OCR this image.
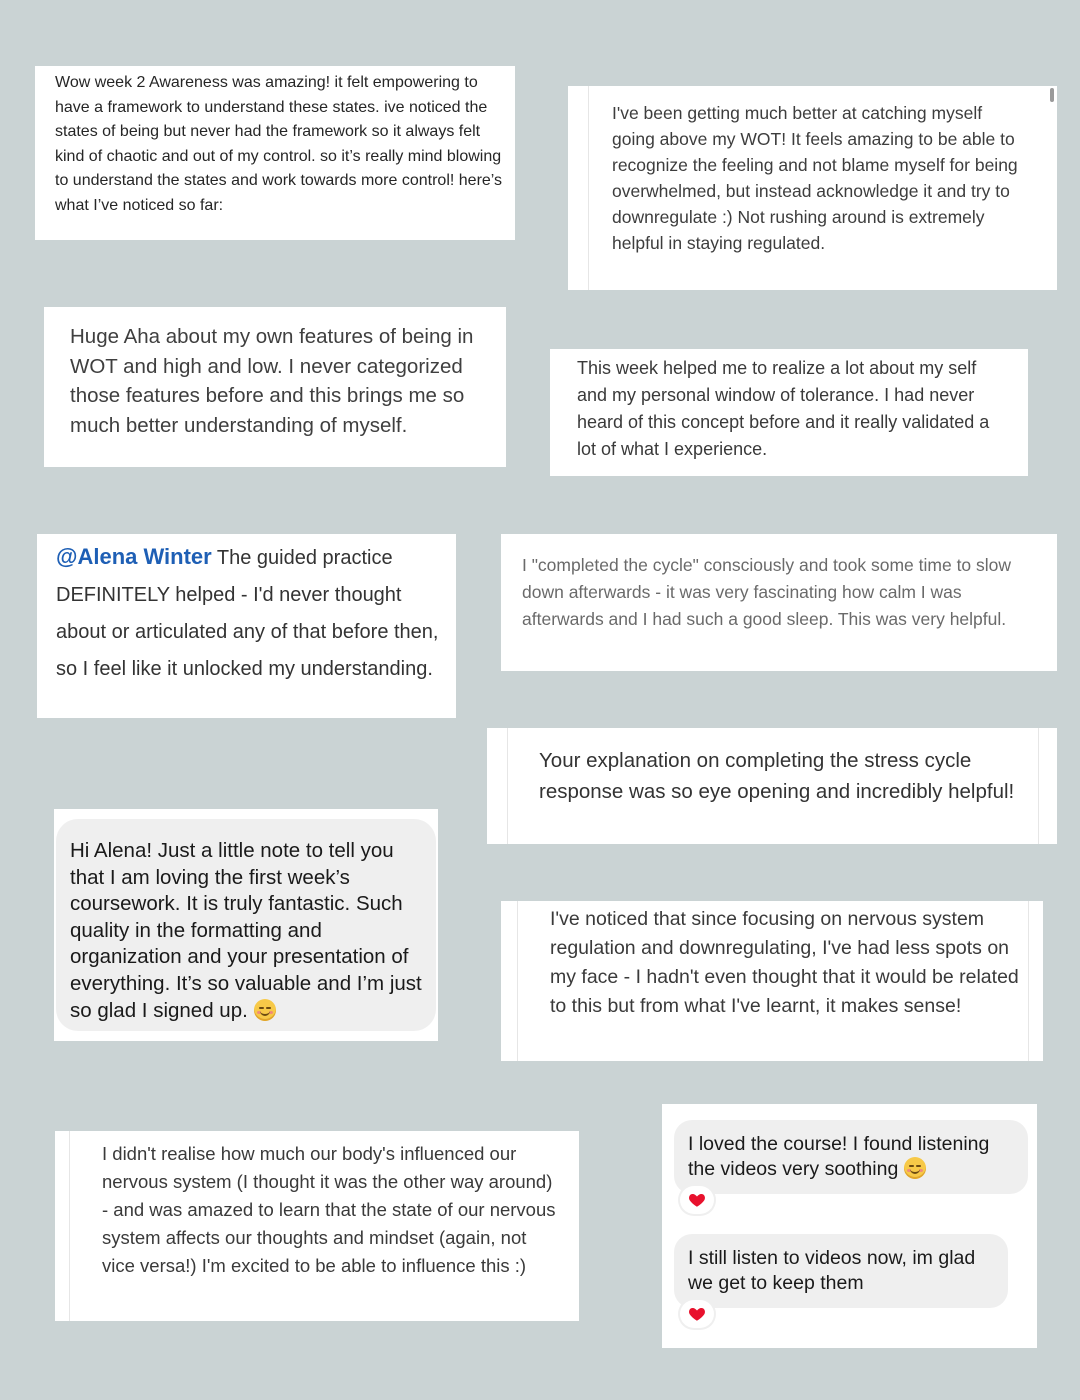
Wow week 2 Awareness was amazing! it felt empowering to have a framework to understand these states. ive noticed the states of being but never had the framework so it always felt kind of chaotic and out of my control. so it’s really mind blowing to understand the states and work towards more control! here’s what I’ve noticed so far:

I've been getting much better at catching myself going above my WOT! It feels amazing to be able to recognize the feeling and not blame myself for being overwhelmed, but instead acknowledge it and try to downregulate :) Not rushing around is extremely helpful in staying regulated.

Huge Aha about my own features of being in WOT and high and low. I never categorized those features before and this brings me so much better understanding of myself.

This week helped me to realize a lot about my self and my personal window of tolerance. I had never heard of this concept before and it really validated a lot of what I experience.

@Alena Winter The guided practice DEFINITELY helped - I'd never thought about or articulated any of that before then, so I feel like it unlocked my understanding.

I "completed the cycle" consciously and took some time to slow down afterwards - it was very fascinating how calm I was afterwards and I had such a good sleep. This was very helpful.

Your explanation on completing the stress cycle response was so eye opening and incredibly helpful!

Hi Alena! Just a little note to tell you that I am loving the first week’s coursework. It is truly fantastic. Such quality in the formatting and organization and your presentation of everything. It’s so valuable and I’m just so glad I signed up.

I've noticed that since focusing on nervous system regulation and downregulating, I've had less spots on my face - I hadn't even thought that it would be related to this but from what I've learnt, it makes sense!

I didn't realise how much our body's influenced our nervous system (I thought it was the other way around) - and was amazed to learn that the state of our nervous system affects our thoughts and mindset (again, not vice versa!) I'm excited to be able to influence this :)

I loved the course! I found listening the videos very soothing

I still listen to videos now, im glad we get to keep them
